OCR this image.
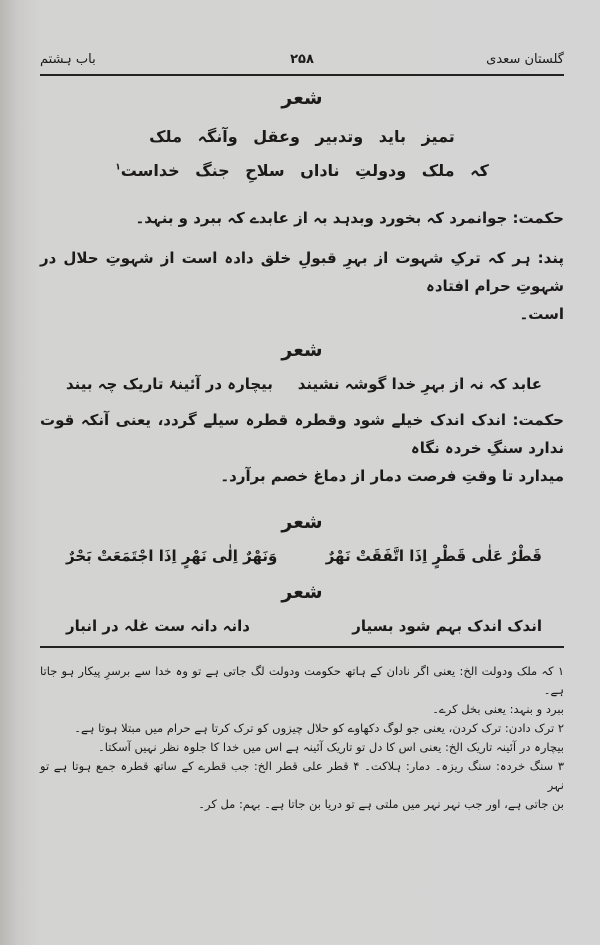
گلستان سعدی
۲۵۸
باب ہشتم
شعر
تمیز باید وتدبیر وعقل وآنگہ ملک
کہ ملک ودولتِ ناداں سلاحِ جنگ خداست$^۱$
حکمت: جوانمرد کہ بخورد وبدہد بہ از عابدے کہ ببرد و بنہد۔
پند: ہر کہ ترکِ شہوت از بہرِ قبولِ خلق دادہ است از شہوتِ حلال در شہوتِ حرام افتادہ
است۔
شعر
عابد کہ نہ از بہرِ خدا گوشہ نشیند
بیچارہ در آئینۂ تاریک چہ بیند
حکمت: اندک اندک خیلے شود وقطرہ قطرہ سیلے گردد، یعنی آنکہ قوت ندارد سنگِ خردہ نگاہ
میدارد تا وقتِ فرصت دمار از دماغ خصم برآرد۔
شعر
قَطْرٌ عَلٰی قَطْرٍ اِذَا اتَّفَقَتْ نَهْرٌ
وَنَهْرٌ اِلٰی نَهْرٍ اِذَا اجْتَمَعَتْ بَحْرٌ
شعر
اندک اندک بہم شود بسیار
دانہ دانہ ست غلہ در انبار
۱ کہ ملک ودولت الخ: یعنی اگر نادان کے ہاتھ حکومت ودولت لگ جاتی ہے تو وہ خدا سے برسرِ پیکار ہو جاتا ہے۔
ببرد و بنہد: یعنی بخل کرے۔
۲ ترک دادن: ترک کردن، یعنی جو لوگ دکھاوے کو حلال چیزوں کو ترک کرتا ہے حرام میں مبتلا ہوتا ہے۔
بیچارہ در آئینہ تاریک الخ: یعنی اس کا دل تو تاریک آئینہ ہے اس میں خدا کا جلوہ نظر نہیں آسکتا۔
۳ سنگ خردہ: سنگ ریزہ۔ دمار: ہلاکت۔ ۴ قطر علی قطر الخ: جب قطرے کے ساتھ قطرہ جمع ہوتا ہے تو نہر
بن جاتی ہے، اور جب نہر نہر میں ملتی ہے تو دریا بن جاتا ہے۔ بہم: مل کر۔
